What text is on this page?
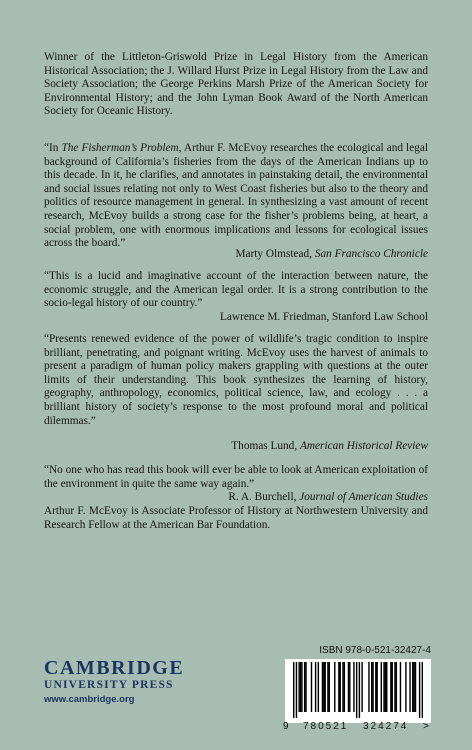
Winner of the Littleton-Griswold Prize in Legal History from the American Historical Association; the J. Willard Hurst Prize in Legal History from the Law and Society Association; the George Perkins Marsh Prize of the American Society for Environmental History; and the John Lyman Book Award of the North American Society for Oceanic History.

“In The Fisherman’s Problem, Arthur F. McEvoy researches the ecological and legal background of California’s fisheries from the days of the American Indians up to this decade. In it, he clarifies, and annotates in painstaking detail, the environmental and social issues relating not only to West Coast fisheries but also to the theory and politics of resource management in general. In synthesizing a vast amount of recent research, McEvoy builds a strong case for the fisher’s problems being, at heart, a social problem, one with enormous implications and lessons for ecological issues across the board.”

Marty Olmstead, San Francisco Chronicle

“This is a lucid and imaginative account of the interaction between nature, the economic struggle, and the American legal order. It is a strong contribution to the socio-legal history of our country.”

Lawrence M. Friedman, Stanford Law School

“Presents renewed evidence of the power of wildlife’s tragic condition to inspire brilliant, penetrating, and poignant writing. McEvoy uses the harvest of animals to present a paradigm of human policy makers grappling with questions at the outer limits of their understanding. This book synthesizes the learning of history, geography, anthropology, economics, political science, law, and ecology . . . a brilliant history of society’s response to the most profound moral and political dilemmas.”

Thomas Lund, American Historical Review

“No one who has read this book will ever be able to look at American exploitation of the environment in quite the same way again.”

R. A. Burchell, Journal of American Studies

Arthur F. McEvoy is Associate Professor of History at Northwestern University and Research Fellow at the American Bar Foundation.

CAMBRIDGE
UNIVERSITY PRESS
www.cambridge.org
ISBN 978-0-521-32427-4
9 780521 324274 >
